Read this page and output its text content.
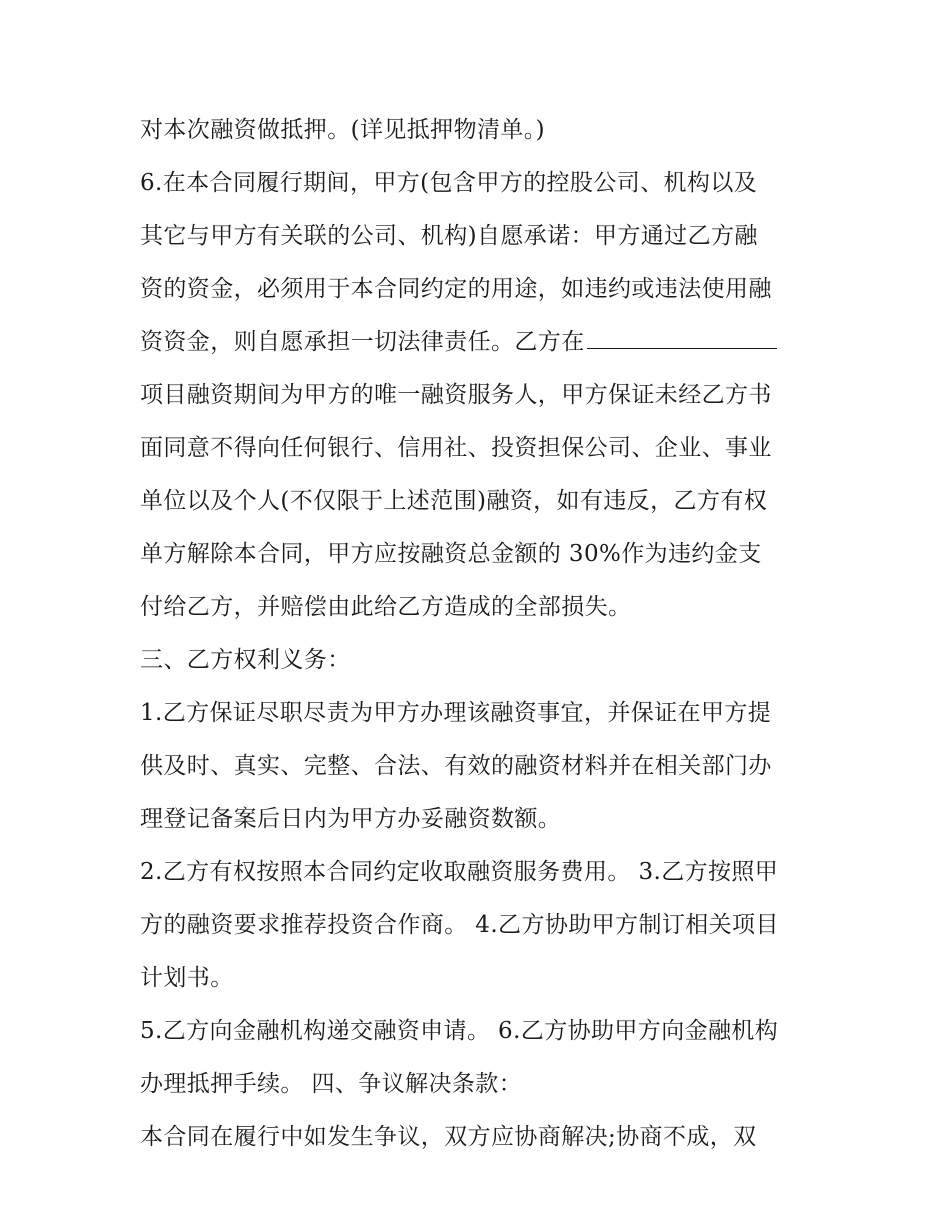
对本次融资做抵押。(详见抵押物清单。)
6.在本合同履行期间，甲方(包含甲方的控股公司、机构以及
其它与甲方有关联的公司、机构)自愿承诺：甲方通过乙方融
资的资金，必须用于本合同约定的用途，如违约或违法使用融
资资金，则自愿承担一切法律责任。乙方在
项目融资期间为甲方的唯一融资服务人，甲方保证未经乙方书
面同意不得向任何银行、信用社、投资担保公司、企业、事业
单位以及个人(不仅限于上述范围)融资，如有违反，乙方有权
单方解除本合同，甲方应按融资总金额的 30%作为违约金支
付给乙方，并赔偿由此给乙方造成的全部损失。
三、乙方权利义务：
1.乙方保证尽职尽责为甲方办理该融资事宜，并保证在甲方提
供及时、真实、完整、合法、有效的融资材料并在相关部门办
理登记备案后日内为甲方办妥融资数额。
2.乙方有权按照本合同约定收取融资服务费用。 3.乙方按照甲
方的融资要求推荐投资合作商。 4.乙方协助甲方制订相关项目
计划书。
5.乙方向金融机构递交融资申请。 6.乙方协助甲方向金融机构
办理抵押手续。 四、争议解决条款：
本合同在履行中如发生争议，双方应协商解决;协商不成，双
